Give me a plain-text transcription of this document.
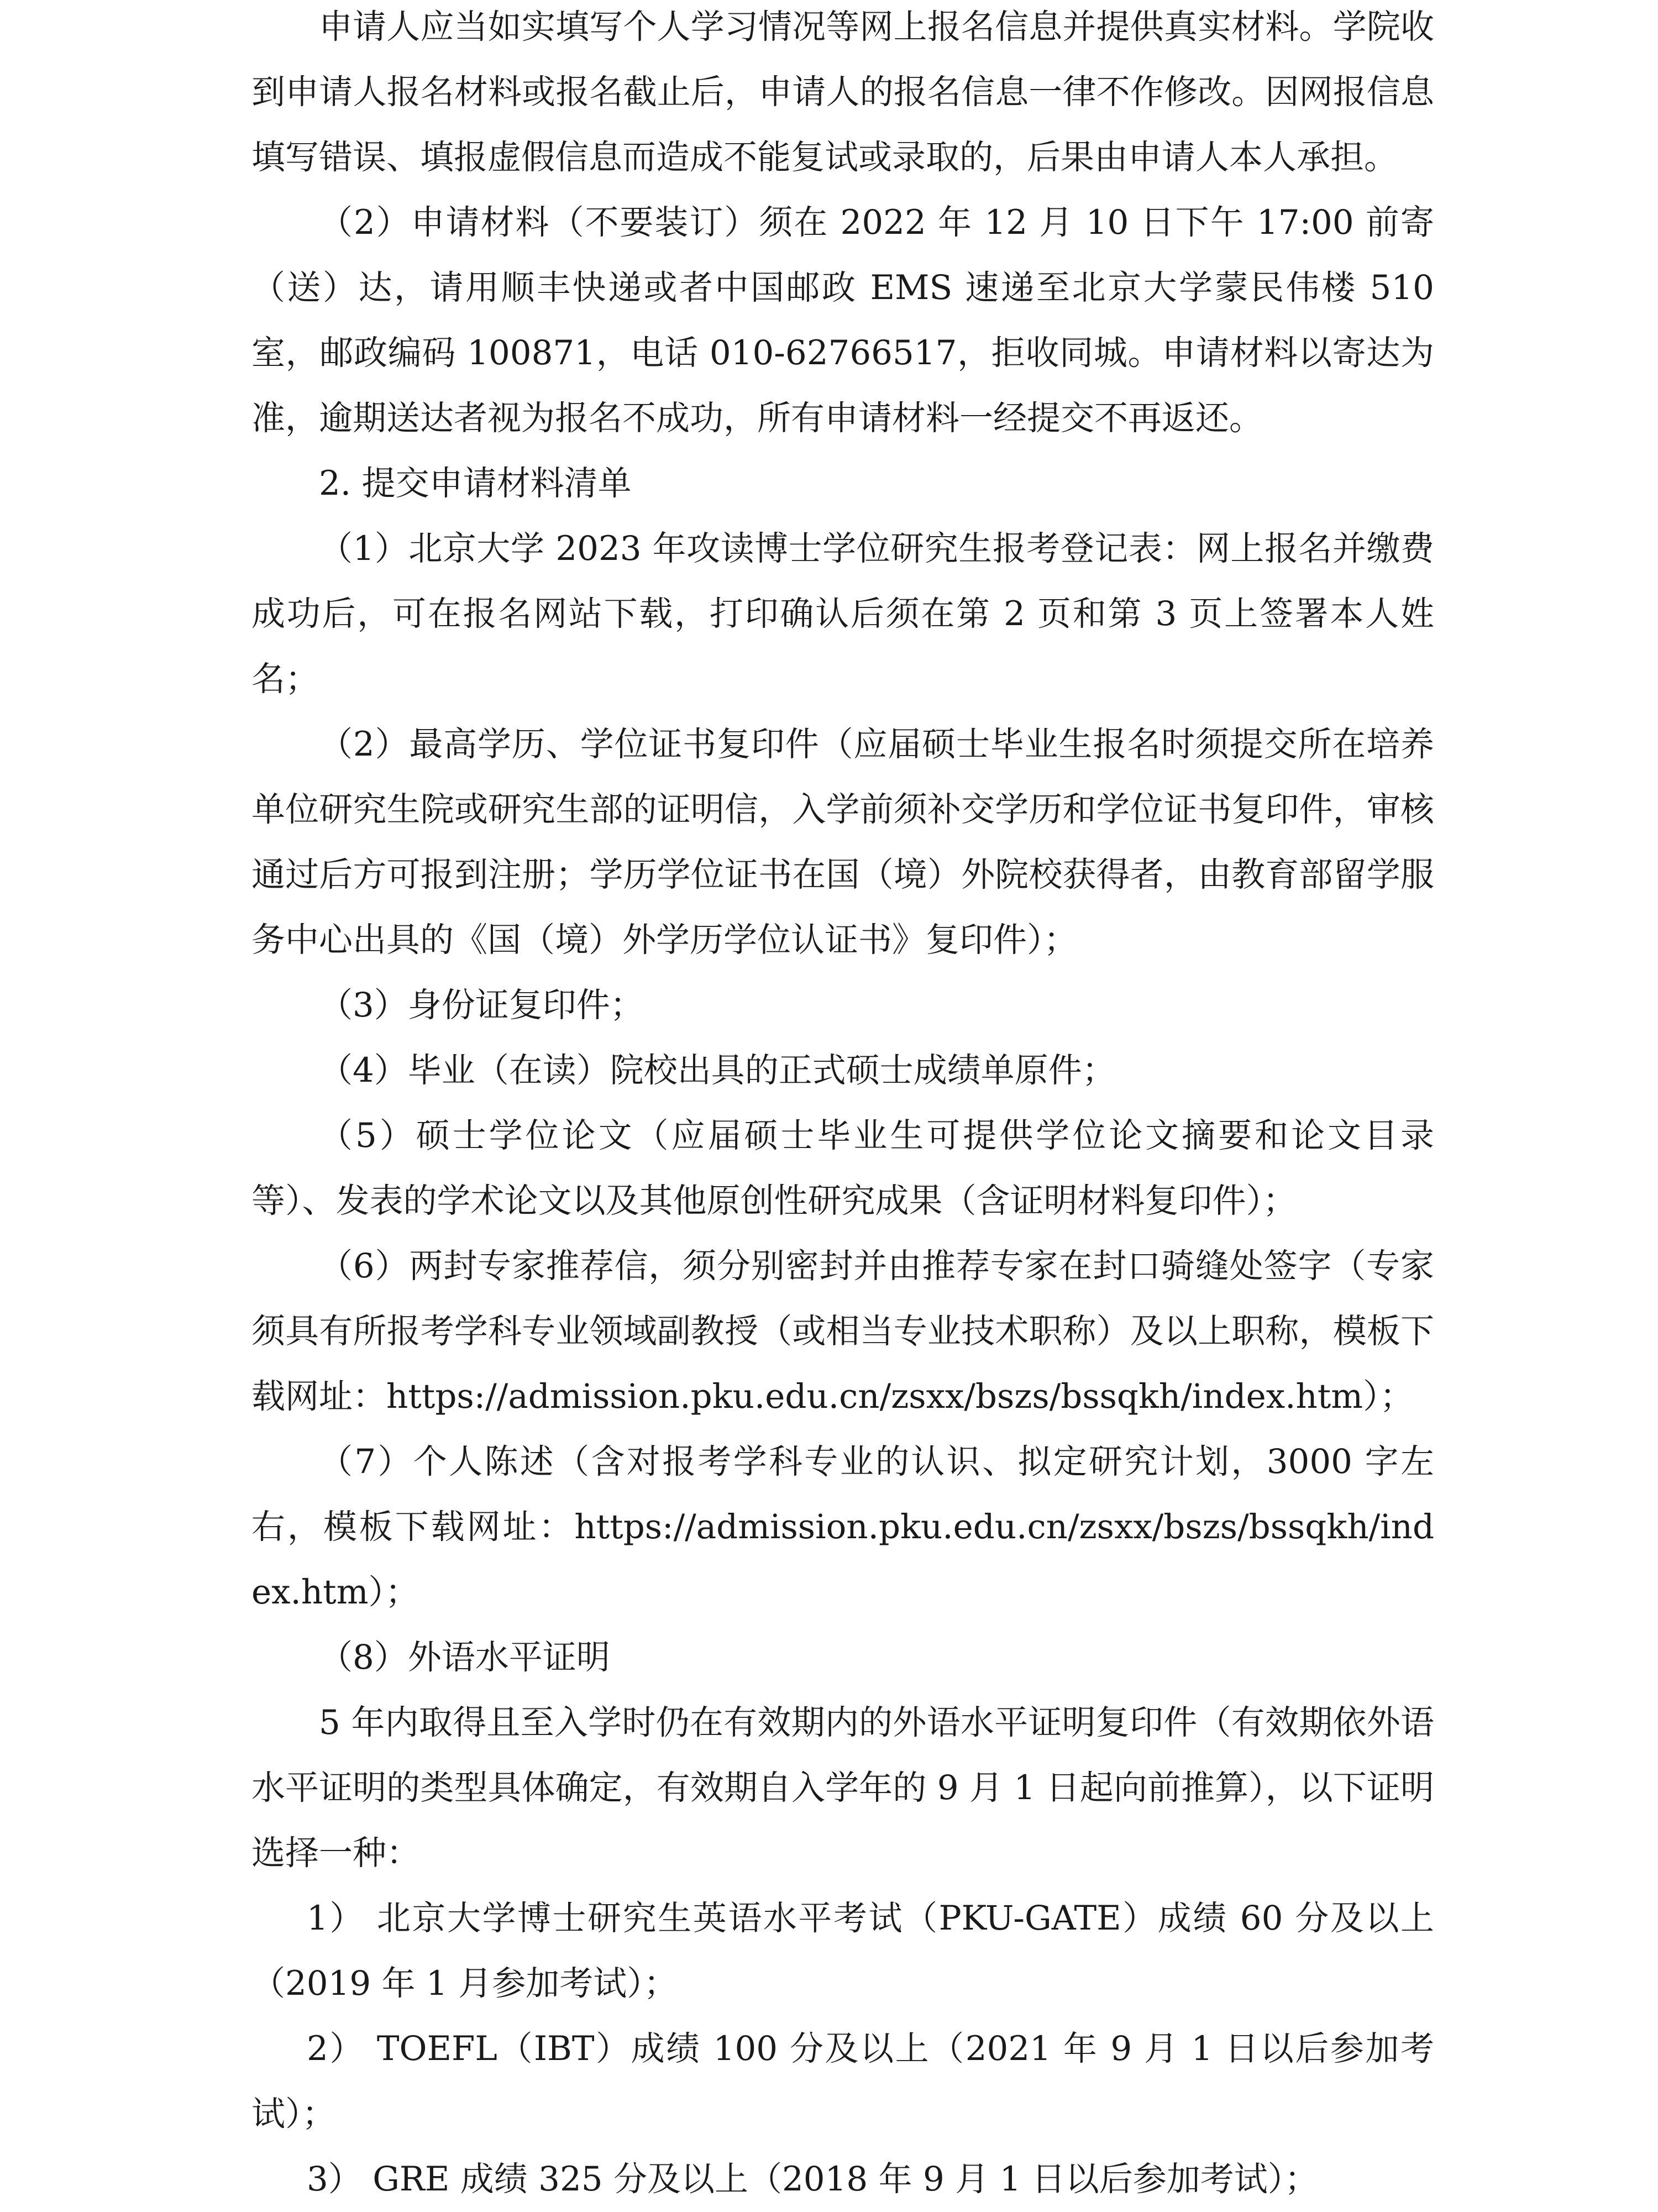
申请人应当如实填写个人学习情况等网上报名信息并提供真实材料。学院收到申请人报名材料或报名截止后，申请人的报名信息一律不作修改。因网报信息填写错误、填报虚假信息而造成不能复试或录取的，后果由申请人本人承担。

（2）申请材料（不要装订）须在 2022 年 12 月 10 日下午 17:00 前寄（送）达，请用顺丰快递或者中国邮政 EMS 速递至北京大学蒙民伟楼 510 室，邮政编码 100871，电话 010-62766517，拒收同城。申请材料以寄达为准，逾期送达者视为报名不成功，所有申请材料一经提交不再返还。

2. 提交申请材料清单

（1）北京大学 2023 年攻读博士学位研究生报考登记表：网上报名并缴费成功后，可在报名网站下载，打印确认后须在第 2 页和第 3 页上签署本人姓名；

（2）最高学历、学位证书复印件（应届硕士毕业生报名时须提交所在培养单位研究生院或研究生部的证明信，入学前须补交学历和学位证书复印件，审核通过后方可报到注册；学历学位证书在国（境）外院校获得者，由教育部留学服务中心出具的《国（境）外学历学位认证书》复印件）；

（3）身份证复印件；

（4）毕业（在读）院校出具的正式硕士成绩单原件；

（5）硕士学位论文（应届硕士毕业生可提供学位论文摘要和论文目录等）、发表的学术论文以及其他原创性研究成果（含证明材料复印件）；

（6）两封专家推荐信，须分别密封并由推荐专家在封口骑缝处签字（专家须具有所报考学科专业领域副教授（或相当专业技术职称）及以上职称，模板下载网址：https://admission.pku.edu.cn/zsxx/bszs/bssqkh/index.htm）；

（7）个人陈述（含对报考学科专业的认识、拟定研究计划，3000 字左右，模板下载网址：https://admission.pku.edu.cn/zsxx/bszs/bssqkh/index.htm）；

（8）外语水平证明

5 年内取得且至入学时仍在有效期内的外语水平证明复印件（有效期依外语水平证明的类型具体确定，有效期自入学年的 9 月 1 日起向前推算），以下证明选择一种：

1） 北京大学博士研究生英语水平考试（PKU-GATE）成绩 60 分及以上（2019 年 1 月参加考试）；

2） TOEFL（IBT）成绩 100 分及以上（2021 年 9 月 1 日以后参加考试）；

3） GRE 成绩 325 分及以上（2018 年 9 月 1 日以后参加考试）；
